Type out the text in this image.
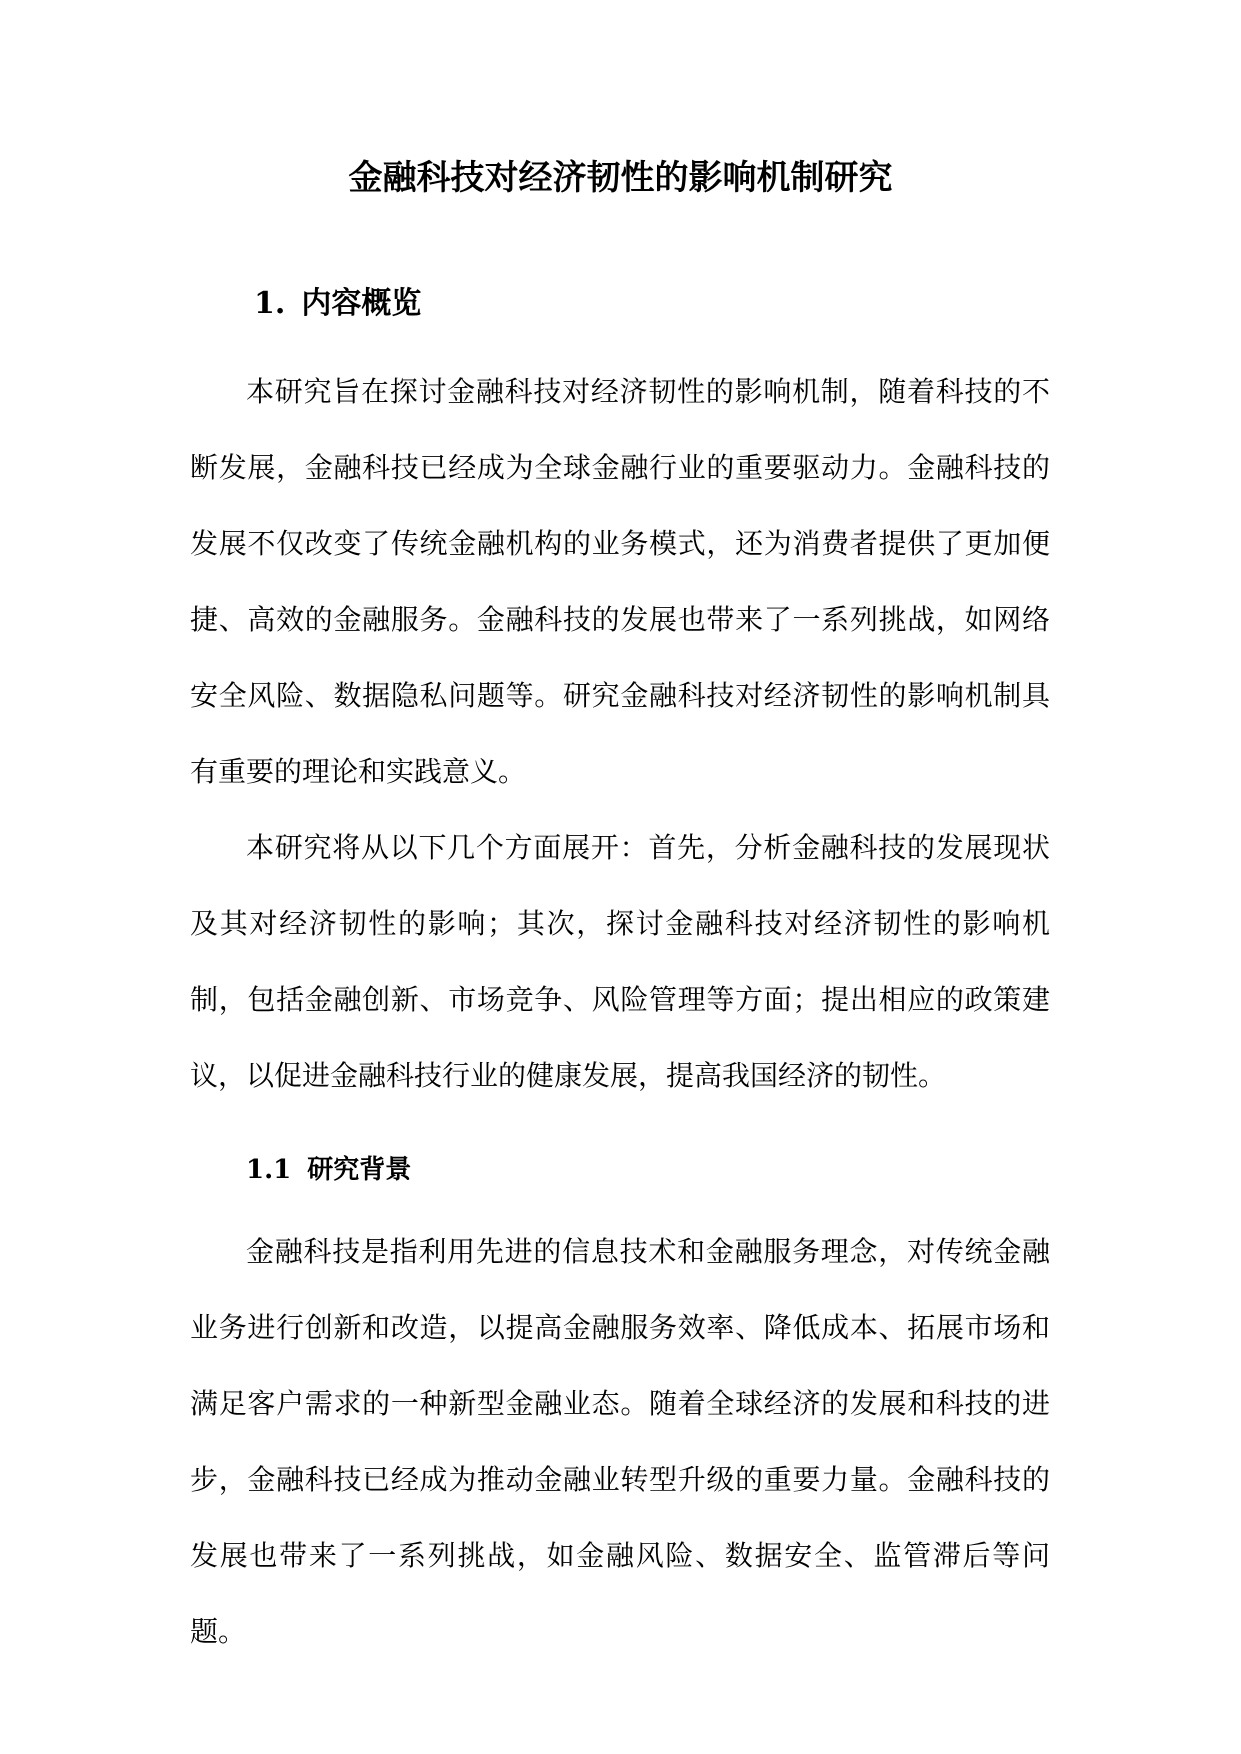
金融科技对经济韧性的影响机制研究
1. 内容概览

本研究旨在探讨金融科技对经济韧性的影响机制，随着科技的不断发展，金融科技已经成为全球金融行业的重要驱动力。金融科技的发展不仅改变了传统金融机构的业务模式，还为消费者提供了更加便捷、高效的金融服务。金融科技的发展也带来了一系列挑战，如网络安全风险、数据隐私问题等。研究金融科技对经济韧性的影响机制具有重要的理论和实践意义。

本研究将从以下几个方面展开：首先，分析金融科技的发展现状及其对经济韧性的影响；其次，探讨金融科技对经济韧性的影响机制，包括金融创新、市场竞争、风险管理等方面；提出相应的政策建议，以促进金融科技行业的健康发展，提高我国经济的韧性。

1.1 研究背景

金融科技是指利用先进的信息技术和金融服务理念，对传统金融业务进行创新和改造，以提高金融服务效率、降低成本、拓展市场和满足客户需求的一种新型金融业态。随着全球经济的发展和科技的进步，金融科技已经成为推动金融业转型升级的重要力量。金融科技的发展也带来了一系列挑战，如金融风险、数据安全、监管滞后等问题。
